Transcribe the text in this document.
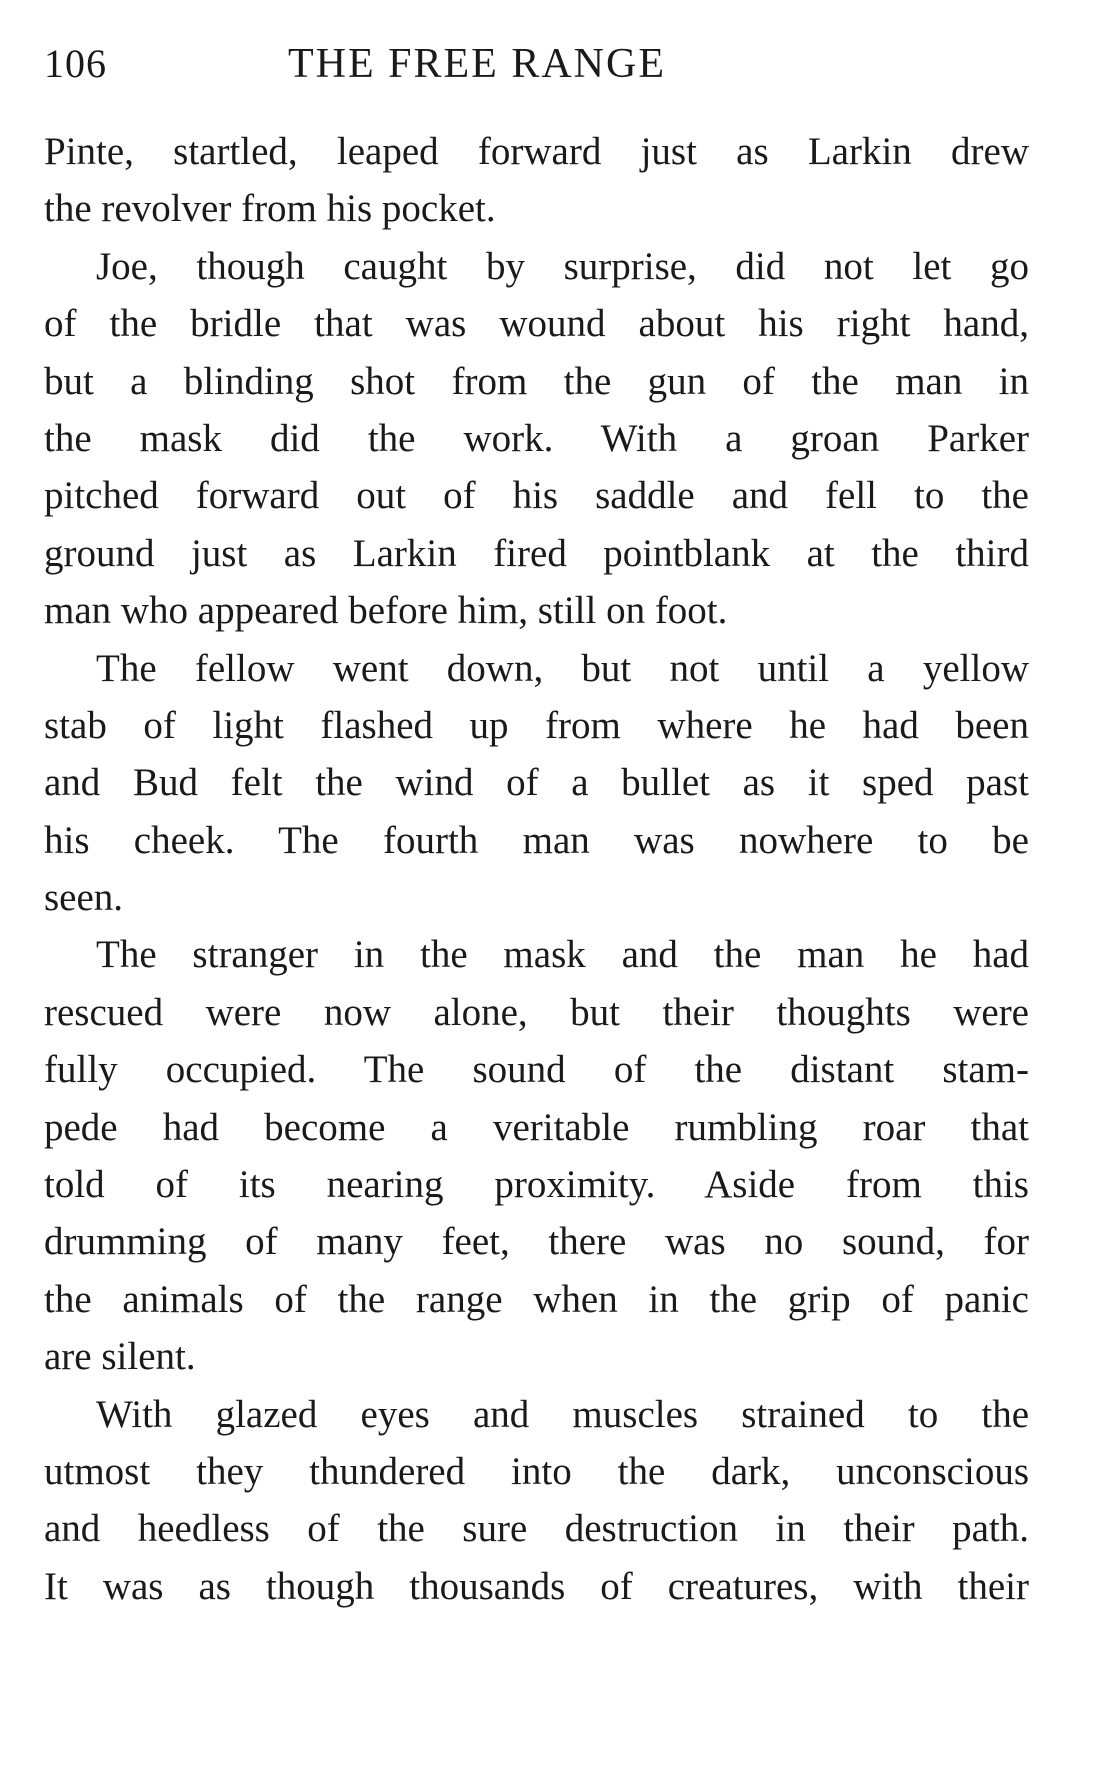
106	THE FREE RANGE
Pinte, startled, leaped forward just as Larkin drew
the revolver from his pocket.
Joe, though caught by surprise, did not let go
of the bridle that was wound about his right hand,
but a blinding shot from the gun of the man in
the mask did the work. With a groan Parker
pitched forward out of his saddle and fell to the
ground just as Larkin fired pointblank at the third
man who appeared before him, still on foot.
The fellow went down, but not until a yellow
stab of light flashed up from where he had been
and Bud felt the wind of a bullet as it sped past
his cheek. The fourth man was nowhere to be
seen.
The stranger in the mask and the man he had
rescued were now alone, but their thoughts were
fully occupied. The sound of the distant stam-
pede had become a veritable rumbling roar that
told of its nearing proximity. Aside from this
drumming of many feet, there was no sound, for
the animals of the range when in the grip of panic
are silent.
With glazed eyes and muscles strained to the
utmost they thundered into the dark, unconscious
and heedless of the sure destruction in their path.
It was as though thousands of creatures, with their
